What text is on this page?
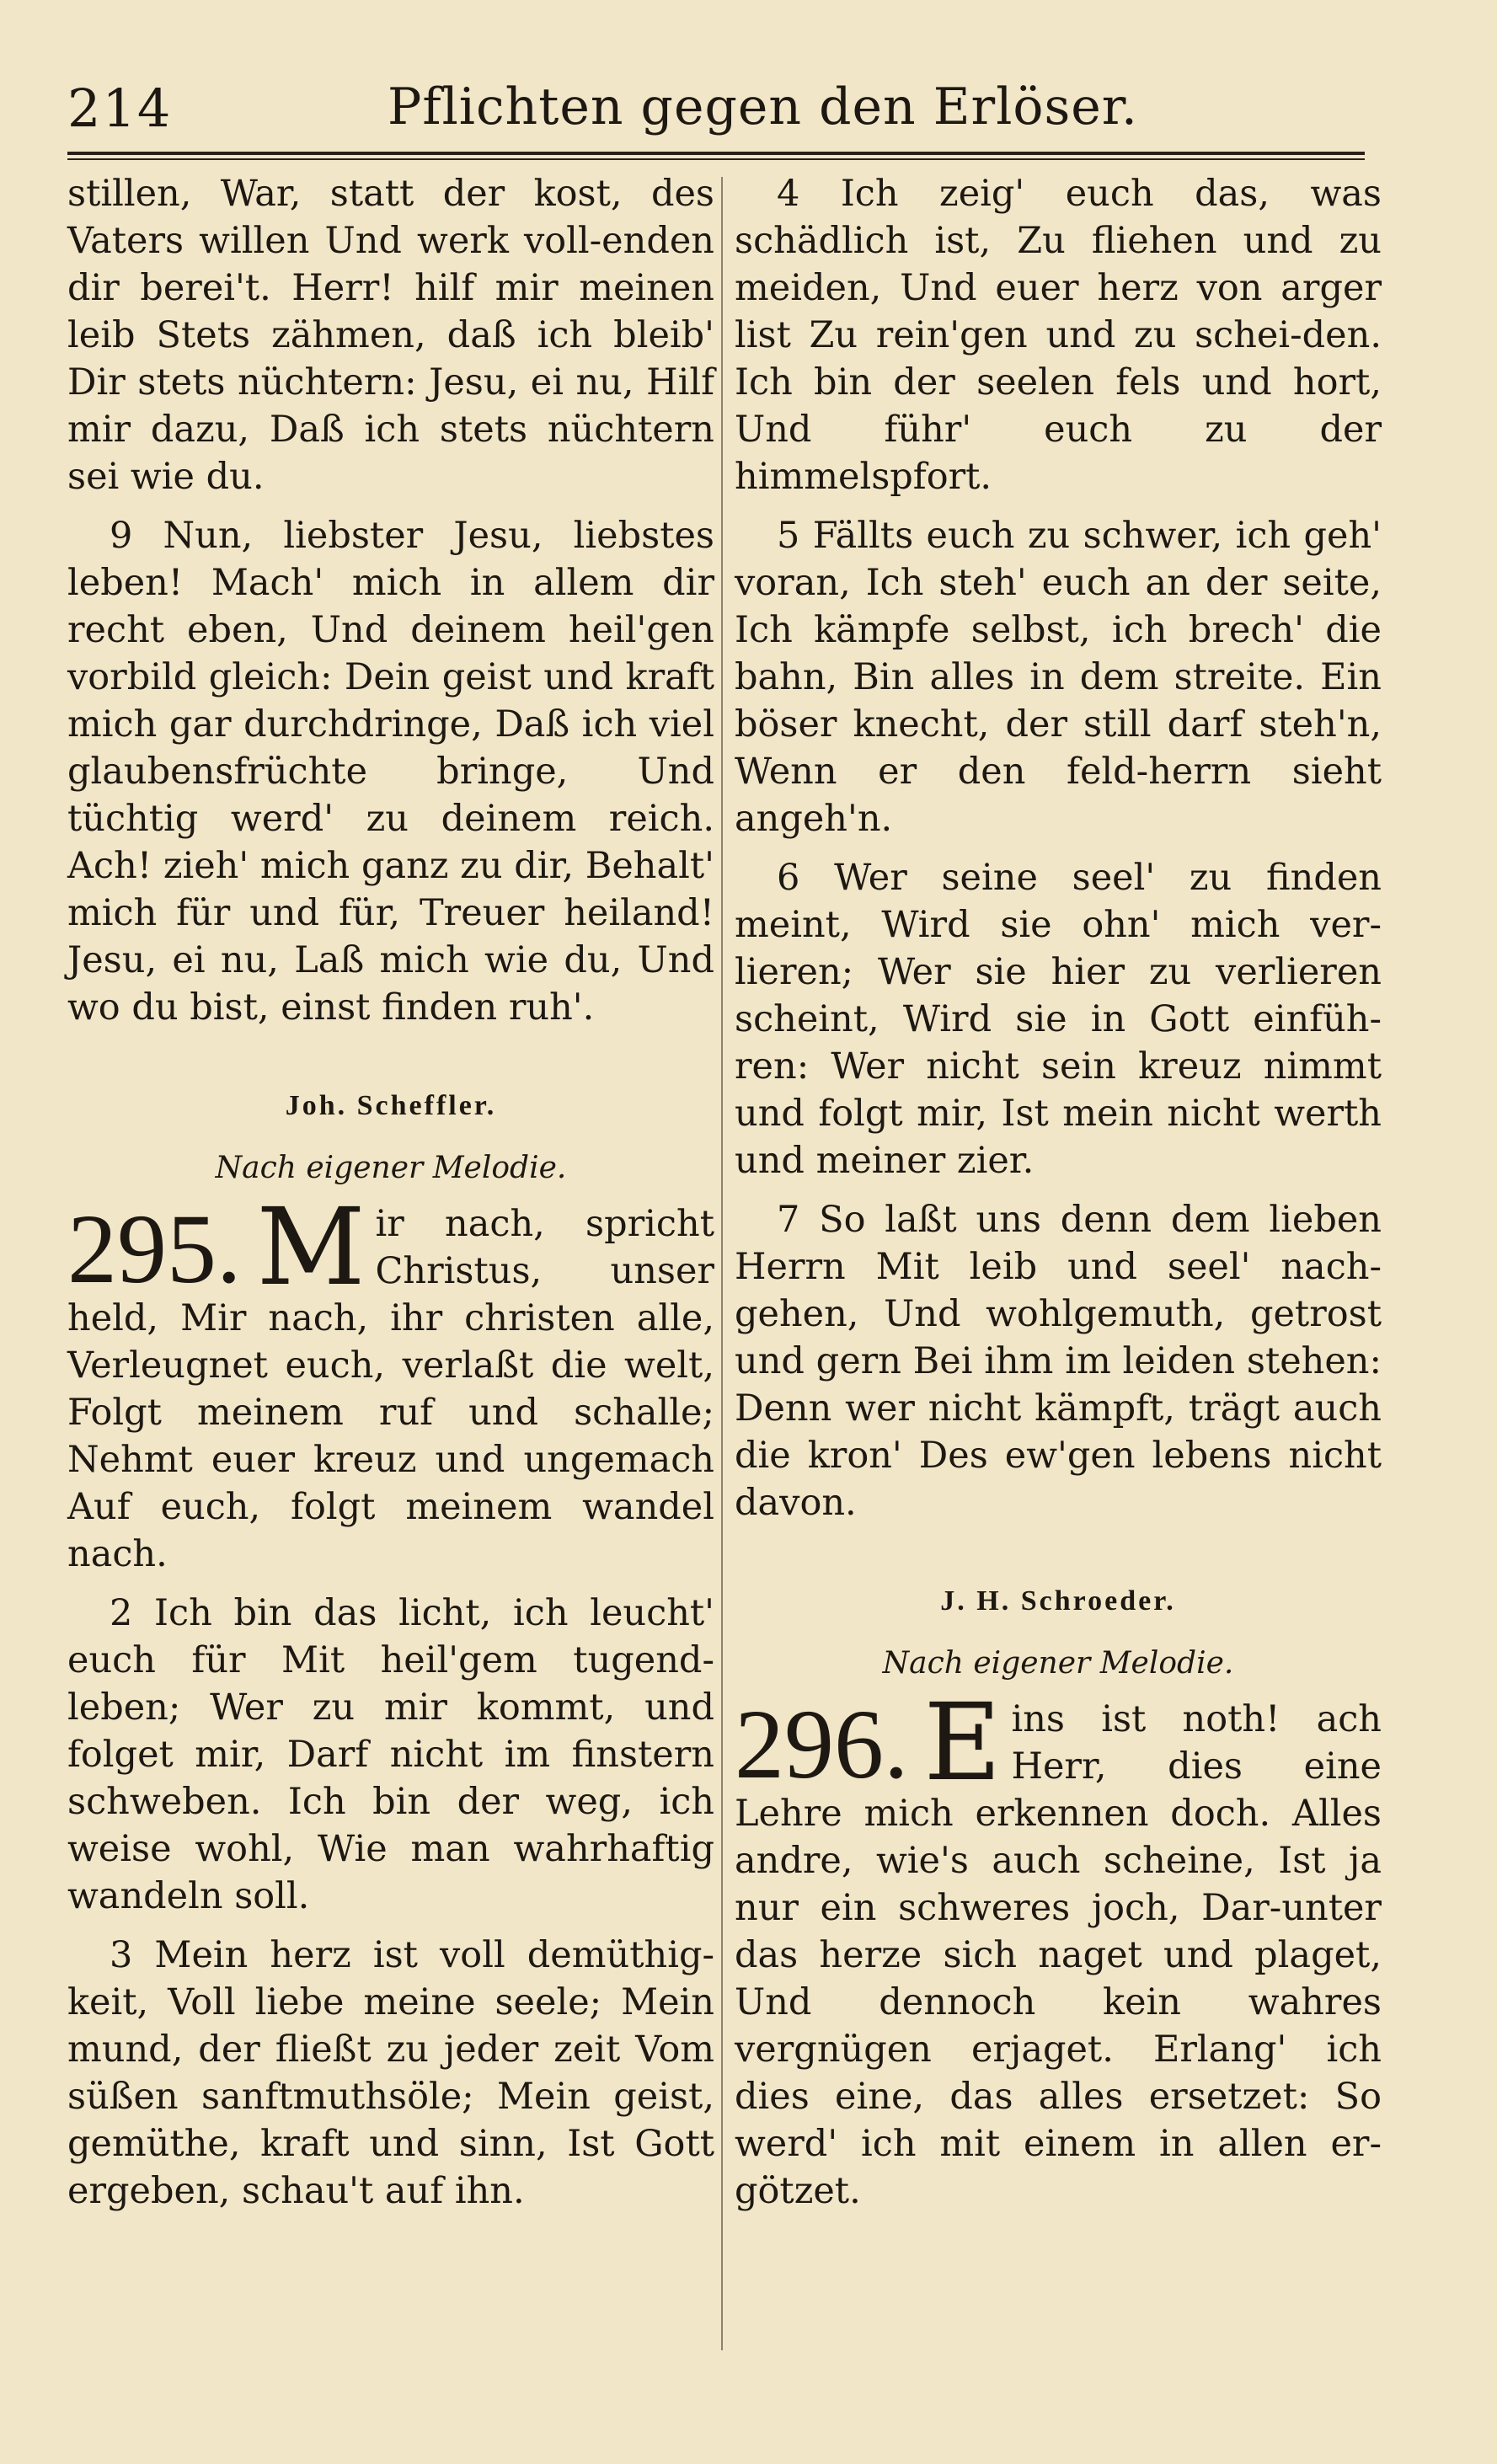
214	Pflichten gegen den Erlöser.

stillen, War, statt der kost, des Vaters willen Und werk voll-enden dir berei't. Herr! hilf mir meinen leib Stets zähmen, daß ich bleib' Dir stets nüchtern: Jesu, ei nu, Hilf mir dazu, Daß ich stets nüchtern sei wie du.

9 Nun, liebster Jesu, liebstes leben! Mach' mich in allem dir recht eben, Und deinem heil'gen vorbild gleich: Dein geist und kraft mich gar durchdringe, Daß ich viel glaubensfrüchte bringe, Und tüchtig werd' zu deinem reich. Ach! zieh' mich ganz zu dir, Behalt' mich für und für, Treuer heiland! Jesu, ei nu, Laß mich wie du, Und wo du bist, einst finden ruh'.

Joh. Scheffler.
Nach eigener Melodie.
295. M ir nach, spricht Christus, unser held, Mir nach, ihr christen alle, Verleugnet euch, verlaßt die welt, Folgt meinem ruf und schalle; Nehmt euer kreuz und ungemach Auf euch, folgt meinem wandel nach.

2 Ich bin das licht, ich leucht' euch für Mit heil'gem tugend-leben; Wer zu mir kommt, und folget mir, Darf nicht im finstern schweben. Ich bin der weg, ich weise wohl, Wie man wahrhaftig wandeln soll.

3 Mein herz ist voll demüthig-keit, Voll liebe meine seele; Mein mund, der fließt zu jeder zeit Vom süßen sanftmuthsöle; Mein geist, gemüthe, kraft und sinn, Ist Gott ergeben, schau't auf ihn.

4 Ich zeig' euch das, was schädlich ist, Zu fliehen und zu meiden, Und euer herz von arger list Zu rein'gen und zu schei-den. Ich bin der seelen fels und hort, Und führ' euch zu der himmelspfort.

5 Fällts euch zu schwer, ich geh' voran, Ich steh' euch an der seite, Ich kämpfe selbst, ich brech' die bahn, Bin alles in dem streite. Ein böser knecht, der still darf steh'n, Wenn er den feld-herrn sieht angeh'n.

6 Wer seine seel' zu finden meint, Wird sie ohn' mich ver-lieren; Wer sie hier zu verlieren scheint, Wird sie in Gott einfüh-ren: Wer nicht sein kreuz nimmt und folgt mir, Ist mein nicht werth und meiner zier.

7 So laßt uns denn dem lieben Herrn Mit leib und seel' nach-gehen, Und wohlgemuth, getrost und gern Bei ihm im leiden stehen: Denn wer nicht kämpft, trägt auch die kron' Des ew'gen lebens nicht davon.

J. H. Schroeder.
Nach eigener Melodie.
296. E ins ist noth! ach Herr, dies eine Lehre mich erkennen doch. Alles andre, wie's auch scheine, Ist ja nur ein schweres joch, Dar-unter das herze sich naget und plaget, Und dennoch kein wahres vergnügen erjaget. Erlang' ich dies eine, das alles ersetzet: So werd' ich mit einem in allen er-götzet.
